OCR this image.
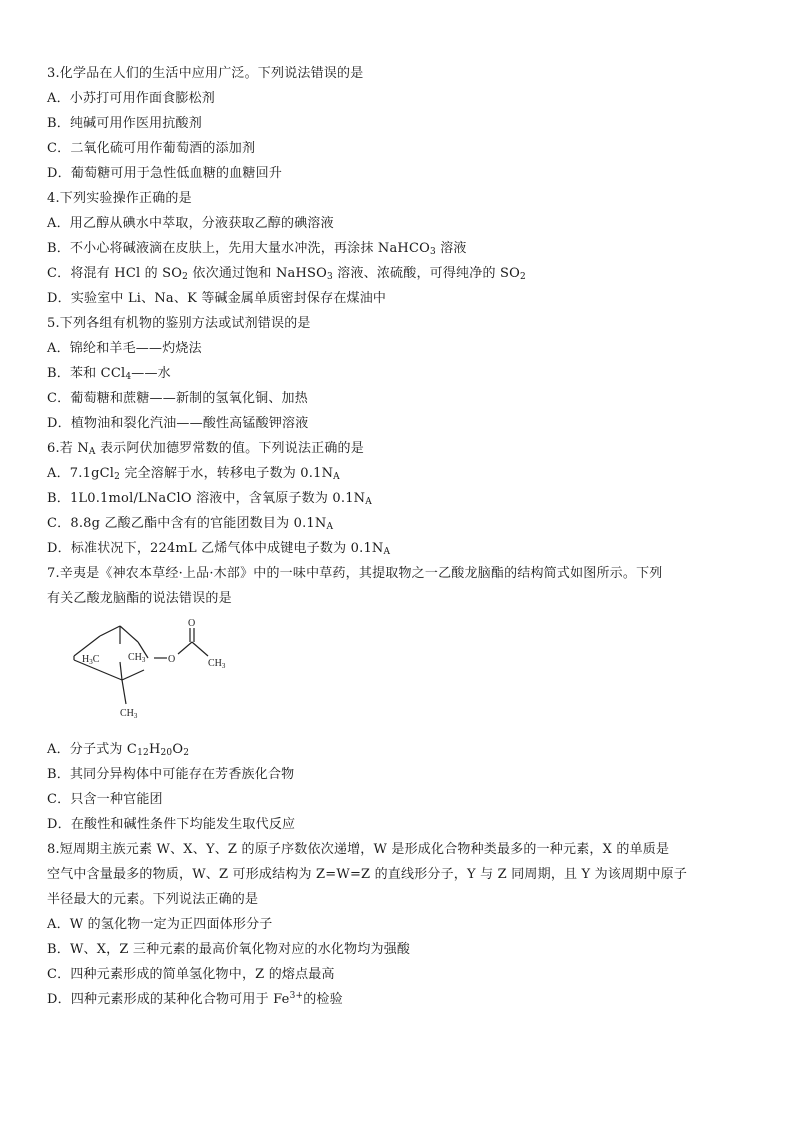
3.化学品在人们的生活中应用广泛。下列说法错误的是
A．小苏打可用作面食膨松剂
B．纯碱可用作医用抗酸剂
C．二氧化硫可用作葡萄酒的添加剂
D．葡萄糖可用于急性低血糖的血糖回升
4.下列实验操作正确的是
A．用乙醇从碘水中萃取，分液获取乙醇的碘溶液
B．不小心将碱液滴在皮肤上，先用大量水冲洗，再涂抹 NaHCO$_3$ 溶液
C．将混有 HCl 的 $SO_2$ 依次通过饱和 NaHSO$_3$ 溶液、浓硫酸，可得纯净的 $SO_2$
D．实验室中 Li、Na、K 等碱金属单质密封保存在煤油中
5.下列各组有机物的鉴别方法或试剂错误的是
A．锦纶和羊毛——灼烧法
B．苯和 CCl$_4$——水
C．葡萄糖和蔗糖——新制的氢氧化铜、加热
D．植物油和裂化汽油——酸性高锰酸钾溶液
6.若 $N_A$ 表示阿伏加德罗常数的值。下列说法正确的是
A．7.1gCl$_2$ 完全溶解于水，转移电子数为 $0.1N_A$
B．1L0.1mol/LNaClO 溶液中，含氧原子数为 $0.1N_A$
C．8.8g 乙酸乙酯中含有的官能团数目为 $0.1N_A$
D．标准状况下，224mL 乙烯气体中成键电子数为 $0.1N_A$
7.辛夷是《神农本草经·上品·木部》中的一味中草药，其提取物之一乙酸龙脑酯的结构简式如图所示。下列
有关乙酸龙脑酯的说法错误的是
$H_3C$	$CH_3$ O
O
$CH_3$
$CH_3$
A．分子式为 $C_{12}H_{20}O_2$
B．其同分异构体中可能存在芳香族化合物
C．只含一种官能团
D．在酸性和碱性条件下均能发生取代反应
8.短周期主族元素 W、X、Y、Z 的原子序数依次递增，W 是形成化合物种类最多的一种元素，X 的单质是
空气中含量最多的物质，W、Z 可形成结构为 Z=W=Z 的直线形分子，Y 与 Z 同周期，且 Y 为该周期中原子
半径最大的元素。下列说法正确的是
A．W 的氢化物一定为正四面体形分子
B．W、X，Z 三种元素的最高价氧化物对应的水化物均为强酸
C．四种元素形成的简单氢化物中，Z 的熔点最高
D．四种元素形成的某种化合物可用于 $Fe^{3+}$的检验
